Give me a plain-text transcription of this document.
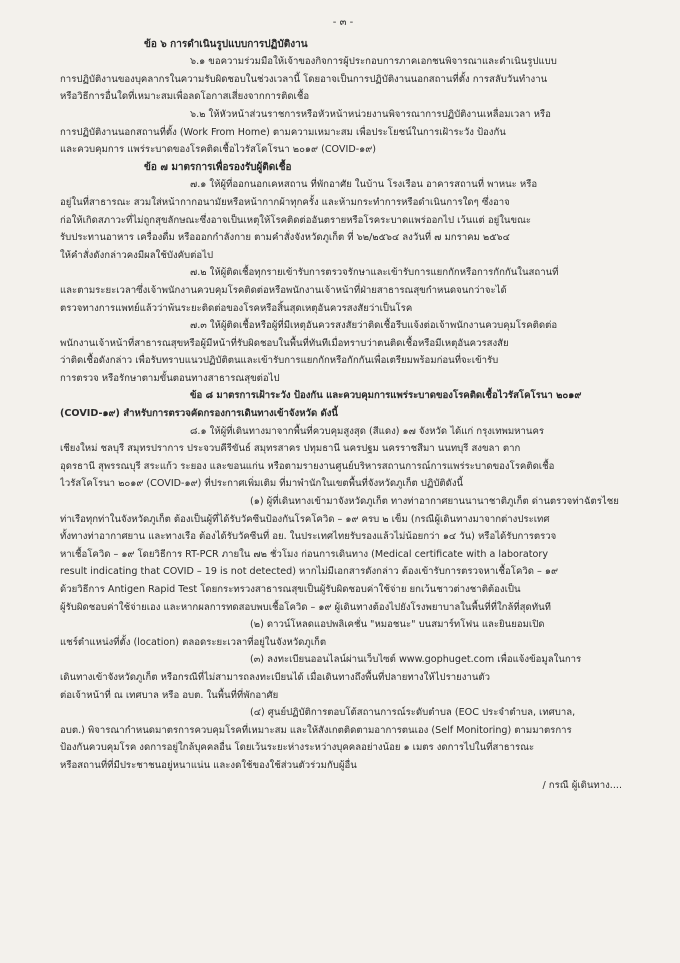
- ๓ -
ข้อ ๖ การดำเนินรูปแบบการปฏิบัติงาน
๖.๑ ขอความร่วมมือให้เจ้าของกิจการผู้ประกอบการภาคเอกชนพิจารณาและดำเนินรูปแบบ
การปฏิบัติงานของบุคลากรในความรับผิดชอบในช่วงเวลานี้ โดยอาจเป็นการปฏิบัติงานนอกสถานที่ตั้ง การสลับวันทำงาน
หรือวิธีการอื่นใดที่เหมาะสมเพื่อลดโอกาสเสี่ยงจากการติดเชื้อ
๖.๒ ให้หัวหน้าส่วนราชการหรือหัวหน้าหน่วยงานพิจารณาการปฏิบัติงานเหลื่อมเวลา หรือ
การปฏิบัติงานนอกสถานที่ตั้ง (Work From Home) ตามความเหมาะสม เพื่อประโยชน์ในการเฝ้าระวัง ป้องกัน
และควบคุมการ แพร่ระบาดของโรคติดเชื้อไวรัสโคโรนา ๒๐๑๙ (COVID-๑๙)
ข้อ ๗ มาตรการเพื่อรองรับผู้ติดเชื้อ
๗.๑ ให้ผู้ที่ออกนอกเคหสถาน ที่พักอาศัย ในบ้าน โรงเรือน อาคารสถานที่ พาหนะ หรือ
อยู่ในที่สาธารณะ สวมใส่หน้ากากอนามัยหรือหน้ากากผ้าทุกครั้ง และห้ามกระทำการหรือดำเนินการใดๆ ซึ่งอาจ
ก่อให้เกิดสภาวะที่ไม่ถูกสุขลักษณะซึ่งอาจเป็นเหตุให้โรคติดต่ออันตรายหรือโรคระบาดแพร่ออกไป เว้นแต่ อยู่ในขณะ
รับประทานอาหาร เครื่องดื่ม หรือออกกำลังกาย ตามคำสั่งจังหวัดภูเก็ต ที่ ๖๒/๒๕๖๔ ลงวันที่ ๗ มกราคม ๒๕๖๔
ให้คำสั่งดังกล่าวคงมีผลใช้บังคับต่อไป
๗.๒ ให้ผู้ติดเชื้อทุกรายเข้ารับการตรวจรักษาและเข้ารับการแยกกักหรือการกักกันในสถานที่
และตามระยะเวลาซึ่งเจ้าพนักงานควบคุมโรคติดต่อหรือพนักงานเจ้าหน้าที่ฝ่ายสาธารณสุขกำหนดจนกว่าจะได้
ตรวจทางการแพทย์แล้วว่าพ้นระยะติดต่อของโรคหรือสิ้นสุดเหตุอันควรสงสัยว่าเป็นโรค
๗.๓ ให้ผู้ติดเชื้อหรือผู้ที่มีเหตุอันควรสงสัยว่าติดเชื้อรีบแจ้งต่อเจ้าพนักงานควบคุมโรคติดต่อ
พนักงานเจ้าหน้าที่สาธารณสุขหรือผู้มีหน้าที่รับผิดชอบในพื้นที่ทันทีเมื่อทราบว่าตนติดเชื้อหรือมีเหตุอันควรสงสัย
ว่าติดเชื้อดังกล่าว เพื่อรับทราบแนวปฏิบัติตนและเข้ารับการแยกกักหรือกักกันเพื่อเตรียมพร้อมก่อนที่จะเข้ารับ
การตรวจ หรือรักษาตามขั้นตอนทางสาธารณสุขต่อไป
ข้อ ๘ มาตรการเฝ้าระวัง ป้องกัน และควบคุมการแพร่ระบาดของโรคติดเชื้อไวรัสโคโรนา ๒๐๑๙
(COVID-๑๙) สำหรับการตรวจคัดกรองการเดินทางเข้าจังหวัด ดังนี้
๘.๑ ให้ผู้ที่เดินทางมาจากพื้นที่ควบคุมสูงสุด (สีแดง) ๑๗ จังหวัด ได้แก่ กรุงเทพมหานคร
เชียงใหม่ ชลบุรี สมุทรปราการ ประจวบคีรีขันธ์ สมุทรสาคร ปทุมธานี นครปฐม นครราชสีมา นนทบุรี สงขลา ตาก
อุดรธานี สุพรรณบุรี สระแก้ว ระยอง และขอนแก่น หรือตามรายงานศูนย์บริหารสถานการณ์การแพร่ระบาดของโรคติดเชื้อ
ไวรัสโคโรนา ๒๐๑๙ (COVID-๑๙) ที่ประกาศเพิ่มเติม ที่มาพำนักในเขตพื้นที่จังหวัดภูเก็ต ปฏิบัติดังนี้
(๑) ผู้ที่เดินทางเข้ามาจังหวัดภูเก็ต ทางท่าอากาศยานนานาชาติภูเก็ต ด่านตรวจท่าฉัตรไชย
ท่าเรือทุกท่าในจังหวัดภูเก็ต ต้องเป็นผู้ที่ได้รับวัคซีนป้องกันโรคโควิด – ๑๙ ครบ ๒ เข็ม (กรณีผู้เดินทางมาจากต่างประเทศ
ทั้งทางท่าอากาศยาน และทางเรือ ต้องได้รับวัคซีนที่ อย. ในประเทศไทยรับรองแล้วไม่น้อยกว่า ๑๔ วัน) หรือได้รับการตรวจ
หาเชื้อโควิด – ๑๙ โดยวิธีการ RT-PCR ภายใน ๗๒ ชั่วโมง ก่อนการเดินทาง (Medical certificate with a laboratory
result indicating that COVID – 19 is not detected) หากไม่มีเอกสารดังกล่าว ต้องเข้ารับการตรวจหาเชื้อโควิด – ๑๙
ด้วยวิธีการ Antigen Rapid Test โดยกระทรวงสาธารณสุขเป็นผู้รับผิดชอบค่าใช้จ่าย ยกเว้นชาวต่างชาติต้องเป็น
ผู้รับผิดชอบค่าใช้จ่ายเอง และหากผลการทดสอบพบเชื้อโควิด – ๑๙ ผู้เดินทางต้องไปยังโรงพยาบาลในพื้นที่ที่ใกล้ที่สุดทันที
(๒) ดาวน์โหลดแอปพลิเคชั่น "หมอชนะ" บนสมาร์ทโฟน และยินยอมเปิด
แชร์ตำแหน่งที่ตั้ง (location) ตลอดระยะเวลาที่อยู่ในจังหวัดภูเก็ต
(๓) ลงทะเบียนออนไลน์ผ่านเว็บไซต์ www.gophuget.com เพื่อแจ้งข้อมูลในการ
เดินทางเข้าจังหวัดภูเก็ต หรือกรณีที่ไม่สามารถลงทะเบียนได้ เมื่อเดินทางถึงพื้นที่ปลายทางให้ไปรายงานตัว
ต่อเจ้าหน้าที่ ณ เทศบาล หรือ อบต. ในพื้นที่ที่พักอาศัย
(๔) ศูนย์ปฏิบัติการตอบโต้สถานการณ์ระดับตำบล (EOC ประจำตำบล, เทศบาล,
อบต.) พิจารณากำหนดมาตรการควบคุมโรคที่เหมาะสม และให้สังเกตติดตามอาการตนเอง (Self Monitoring) ตามมาตรการ
ป้องกันควบคุมโรค งดการอยู่ใกล้บุคคลอื่น โดยเว้นระยะห่างระหว่างบุคคลอย่างน้อย ๑ เมตร งดการไปในที่สาธารณะ
หรือสถานที่ที่มีประชาชนอยู่หนาแน่น และงดใช้ของใช้ส่วนตัวร่วมกับผู้อื่น
/ กรณี ผู้เดินทาง....
